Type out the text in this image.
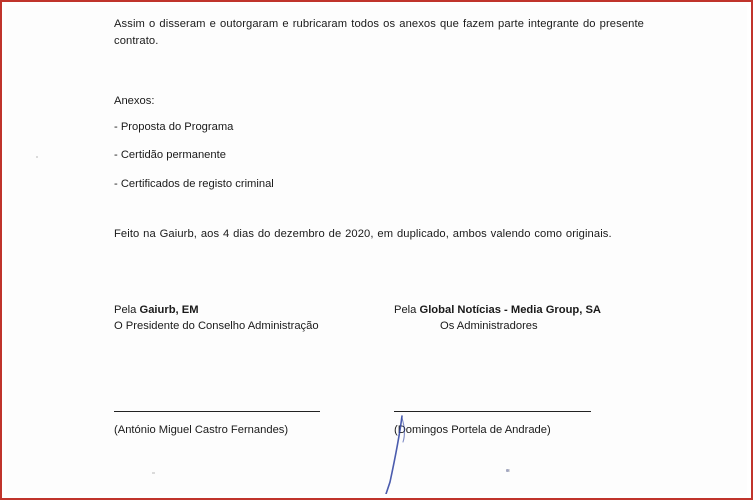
Assim o disseram e outorgaram e rubricaram todos os anexos que fazem parte integrante do presente contrato.

Anexos:

- Proposta do Programa

- Certidão permanente

- Certificados de registo criminal

Feito na Gaiurb, aos 4 dias do dezembro de 2020, em duplicado, ambos valendo como originais.

Pela Gaiurb, EM

O Presidente do Conselho Administração

Pela Global Notícias - Media Group, SA

Os Administradores

(António Miguel Castro Fernandes)	(Domingos Portela de Andrade)
